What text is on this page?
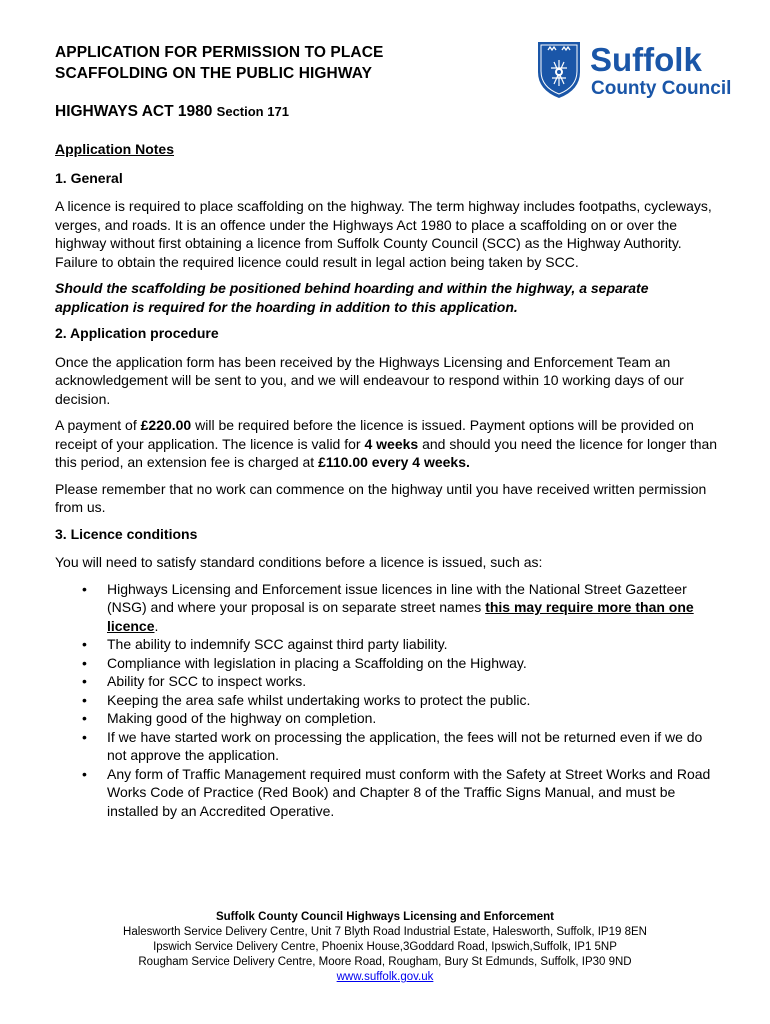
APPLICATION FOR PERMISSION TO PLACE
SCAFFOLDING ON THE PUBLIC HIGHWAY
HIGHWAYS ACT 1980 Section 171
Suffolk
County Council

Application Notes

1. General

A licence is required to place scaffolding on the highway. The term highway includes footpaths, cycleways, verges, and roads. It is an offence under the Highways Act 1980 to place a scaffolding on or over the highway without first obtaining a licence from Suffolk County Council (SCC) as the Highway Authority. Failure to obtain the required licence could result in legal action being taken by SCC.

Should the scaffolding be positioned behind hoarding and within the highway, a separate application is required for the hoarding in addition to this application.

2. Application procedure

Once the application form has been received by the Highways Licensing and Enforcement Team an acknowledgement will be sent to you, and we will endeavour to respond within 10 working days of our decision.

A payment of £220.00 will be required before the licence is issued. Payment options will be provided on receipt of your application. The licence is valid for 4 weeks and should you need the licence for longer than this period, an extension fee is charged at £110.00 every 4 weeks.

Please remember that no work can commence on the highway until you have received written permission from us.

3. Licence conditions

You will need to satisfy standard conditions before a licence is issued, such as:

• Highways Licensing and Enforcement issue licences in line with the National Street Gazetteer (NSG) and where your proposal is on separate street names this may require more than one licence.
• The ability to indemnify SCC against third party liability.
• Compliance with legislation in placing a Scaffolding on the Highway.
• Ability for SCC to inspect works.
• Keeping the area safe whilst undertaking works to protect the public.
• Making good of the highway on completion.
• If we have started work on processing the application, the fees will not be returned even if we do not approve the application.
• Any form of Traffic Management required must conform with the Safety at Street Works and Road Works Code of Practice (Red Book) and Chapter 8 of the Traffic Signs Manual, and must be installed by an Accredited Operative.
Suffolk County Council Highways Licensing and Enforcement
Halesworth Service Delivery Centre, Unit 7 Blyth Road Industrial Estate, Halesworth, Suffolk, IP19 8EN
Ipswich Service Delivery Centre, Phoenix House,3Goddard Road, Ipswich,Suffolk, IP1 5NP
Rougham Service Delivery Centre, Moore Road, Rougham, Bury St Edmunds, Suffolk, IP30 9ND
www.suffolk.gov.uk
